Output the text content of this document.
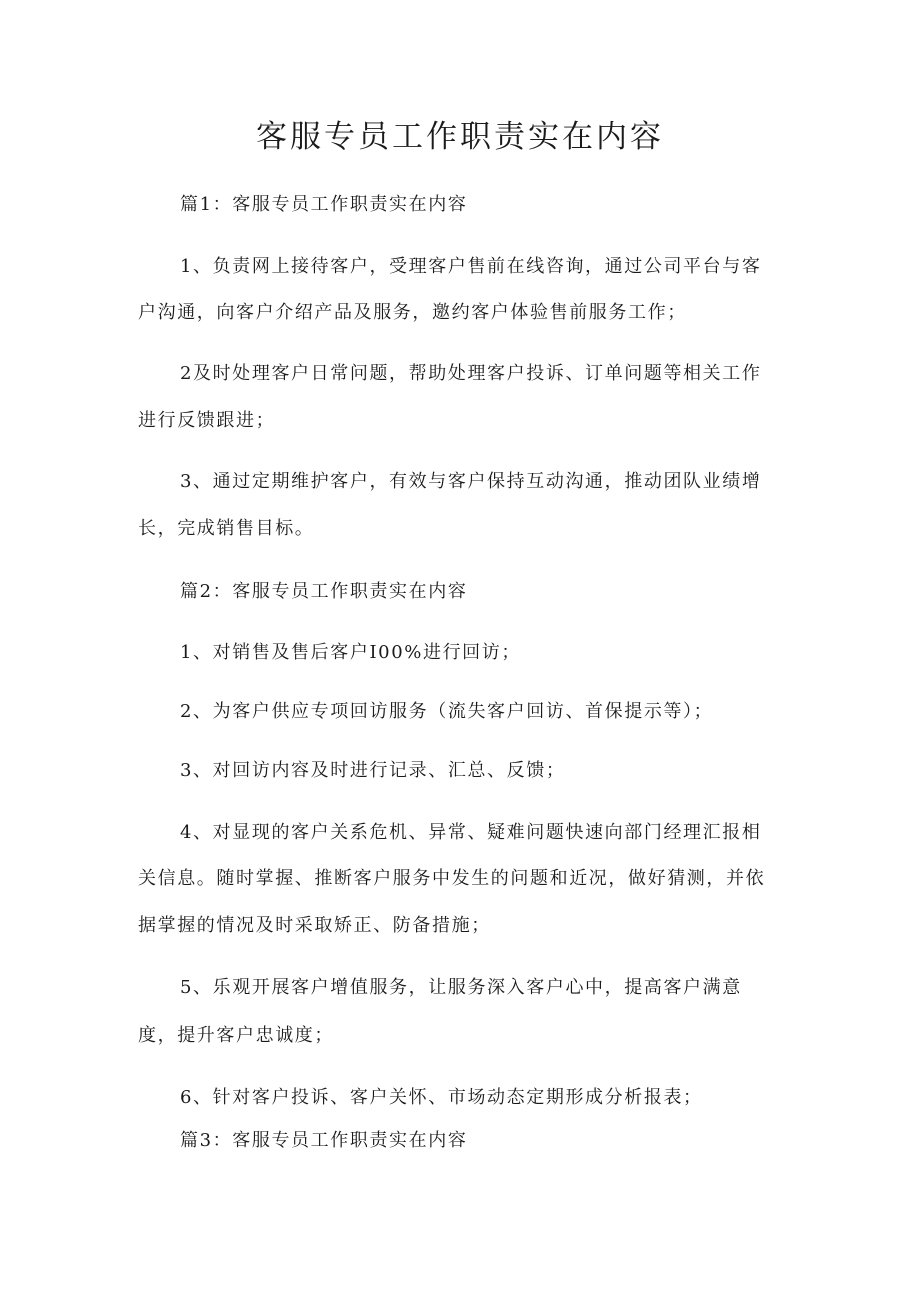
客服专员工作职责实在内容

篇1：客服专员工作职责实在内容

1、负责网上接待客户，受理客户售前在线咨询，通过公司平台与客

户沟通，向客户介绍产品及服务，邀约客户体验售前服务工作；

2及时处理客户日常问题，帮助处理客户投诉、订单问题等相关工作

进行反馈跟进；

3、通过定期维护客户，有效与客户保持互动沟通，推动团队业绩增

长，完成销售目标。

篇2：客服专员工作职责实在内容

1、对销售及售后客户I00%进行回访；

2、为客户供应专项回访服务（流失客户回访、首保提示等）；

3、对回访内容及时进行记录、汇总、反馈；

4、对显现的客户关系危机、异常、疑难问题快速向部门经理汇报相

关信息。随时掌握、推断客户服务中发生的问题和近况，做好猜测，并依

据掌握的情况及时采取矫正、防备措施；

5、乐观开展客户增值服务，让服务深入客户心中，提高客户满意

度，提升客户忠诚度；

6、针对客户投诉、客户关怀、市场动态定期形成分析报表；

篇3：客服专员工作职责实在内容
